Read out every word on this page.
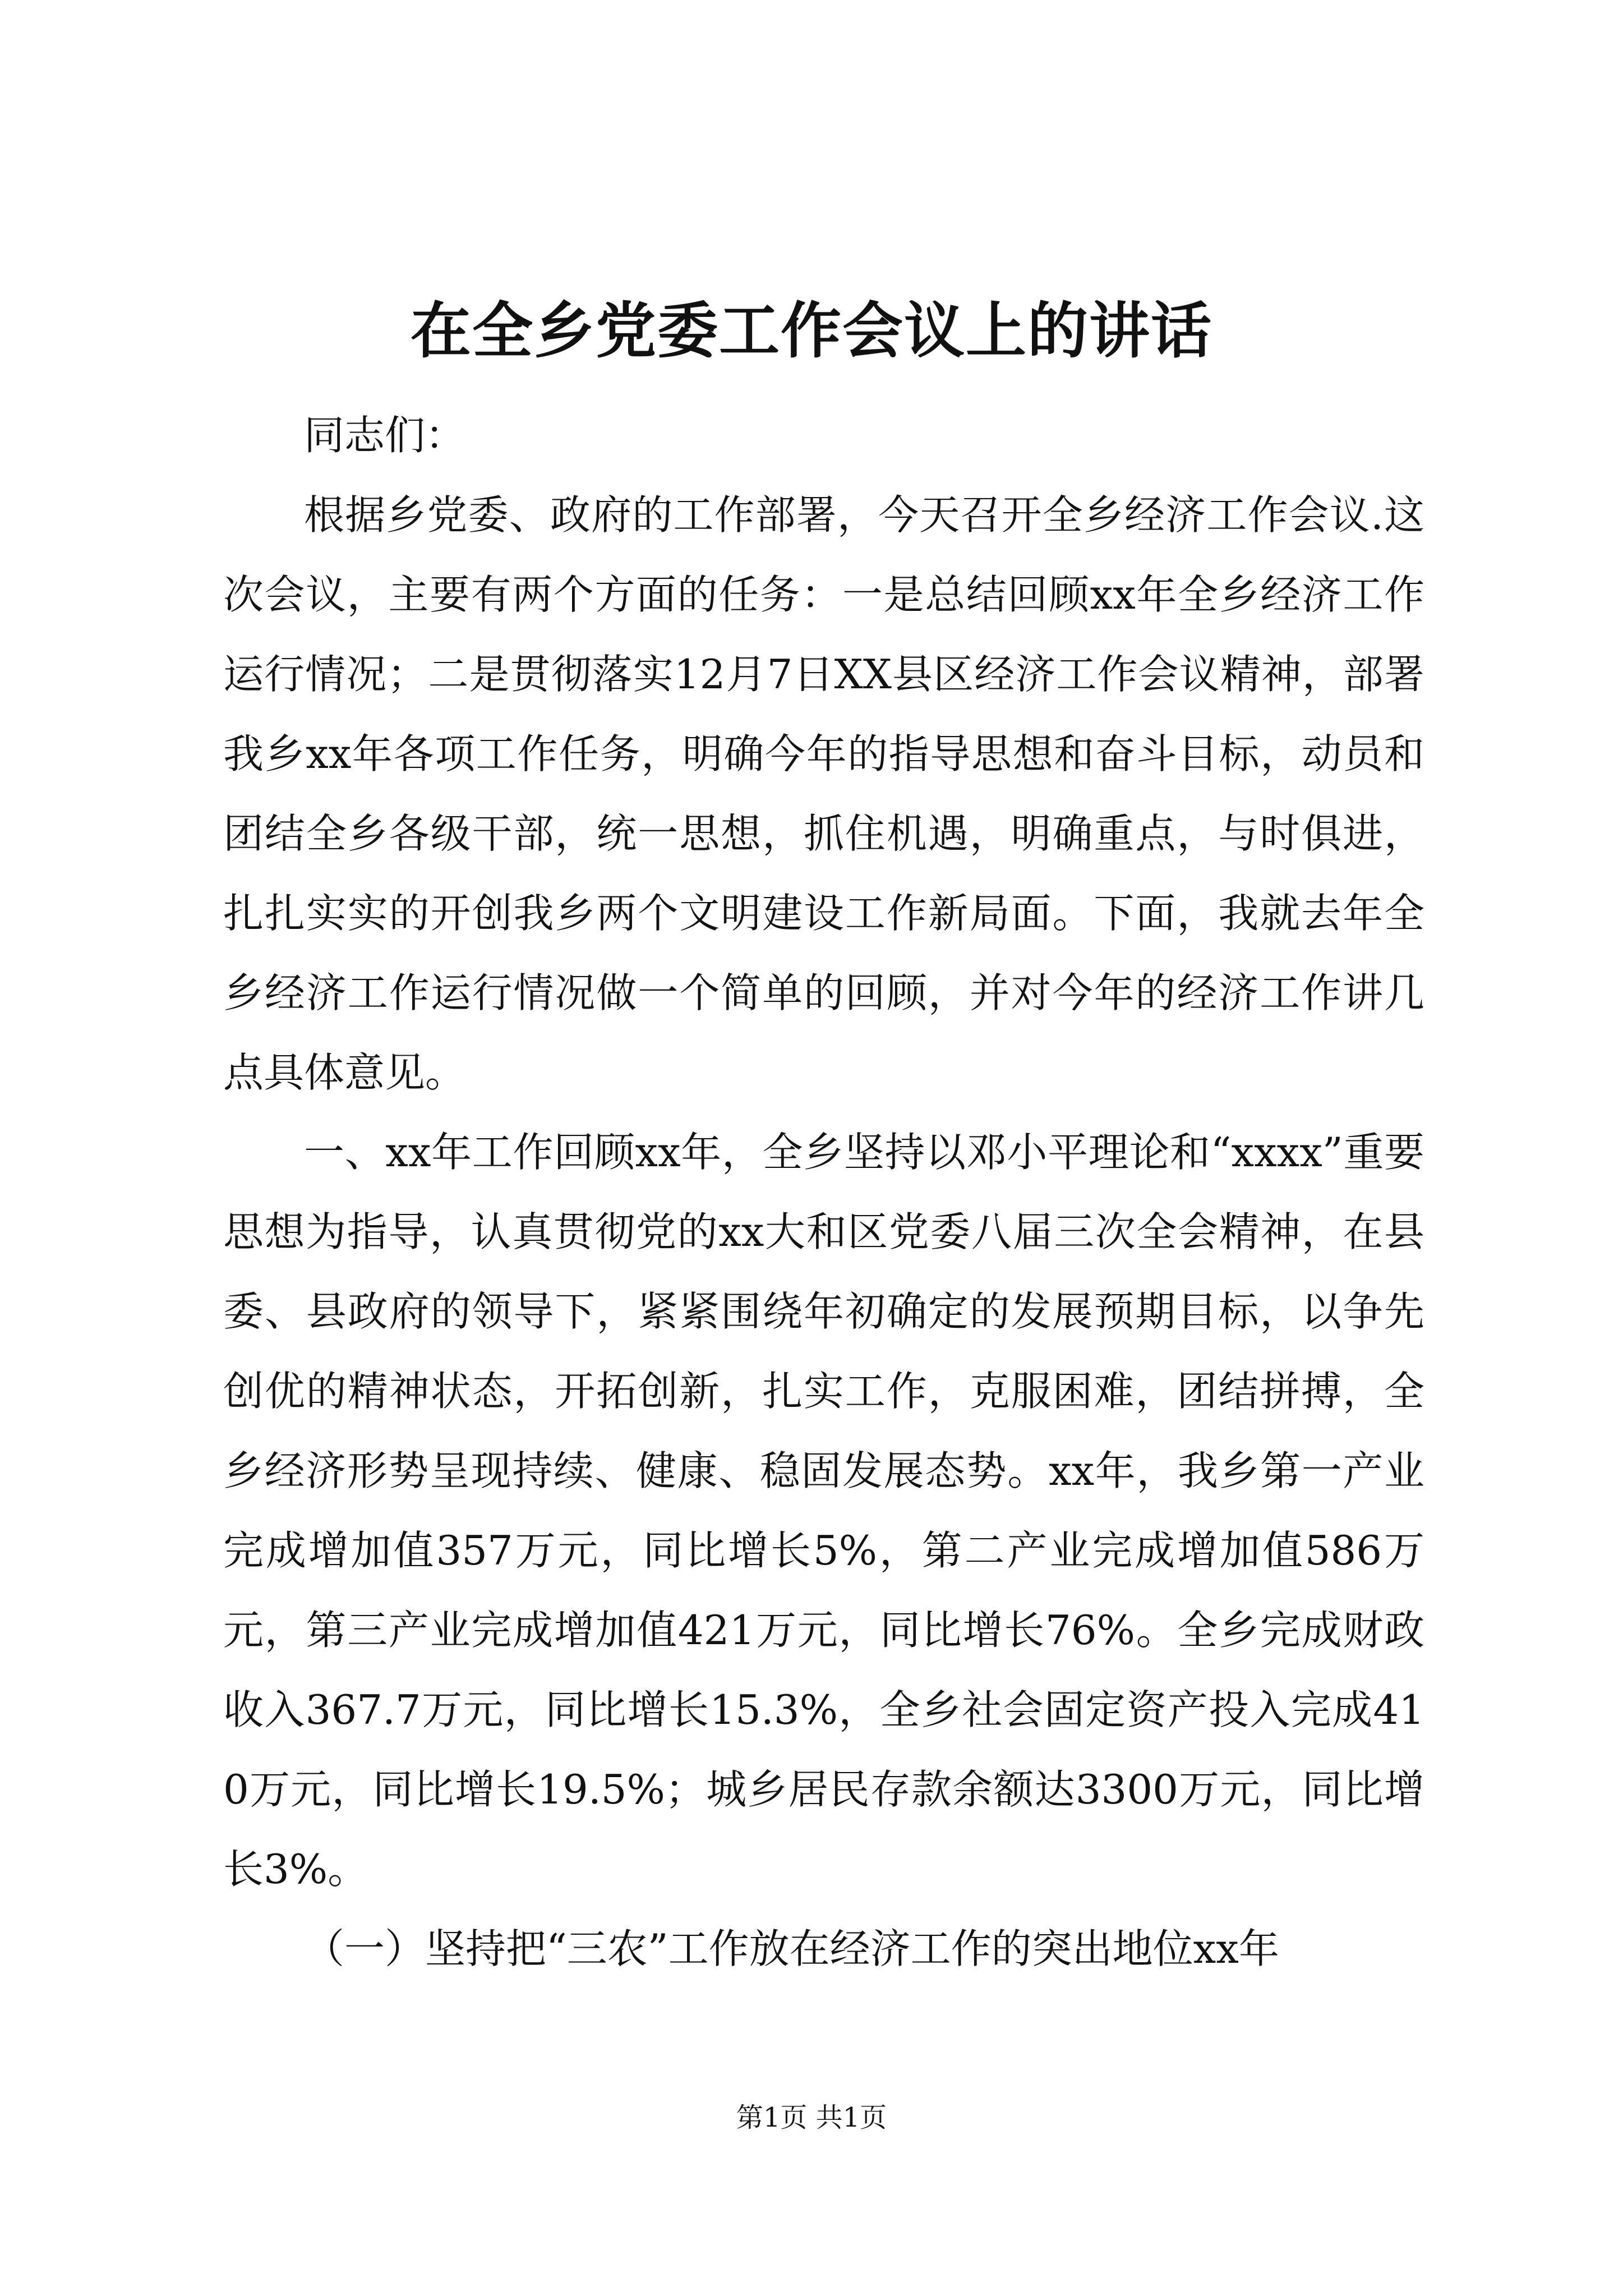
在全乡党委工作会议上的讲话

同志们：

根据乡党委、政府的工作部署，今天召开全乡经济工作会议.这次会议，主要有两个方面的任务：一是总结回顾xx年全乡经济工作运行情况；二是贯彻落实12月7日XX县区经济工作会议精神，部署我乡xx年各项工作任务，明确今年的指导思想和奋斗目标，动员和团结全乡各级干部，统一思想，抓住机遇，明确重点，与时俱进，扎扎实实的开创我乡两个文明建设工作新局面。下面，我就去年全乡经济工作运行情况做一个简单的回顾，并对今年的经济工作讲几点具体意见。

一、xx年工作回顾xx年，全乡坚持以邓小平理论和“xxxx”重要思想为指导，认真贯彻党的xx大和区党委八届三次全会精神，在县委、县政府的领导下，紧紧围绕年初确定的发展预期目标，以争先创优的精神状态，开拓创新，扎实工作，克服困难，团结拼搏，全乡经济形势呈现持续、健康、稳固发展态势。xx年，我乡第一产业完成增加值357万元，同比增长5%，第二产业完成增加值586万元，第三产业完成增加值421万元，同比增长76%。全乡完成财政收入367.7万元，同比增长15.3%，全乡社会固定资产投入完成410万元，同比增长19.5%；城乡居民存款余额达3300万元，同比增长3%。

（一）坚持把“三农”工作放在经济工作的突出地位xx年

第1页 共1页
